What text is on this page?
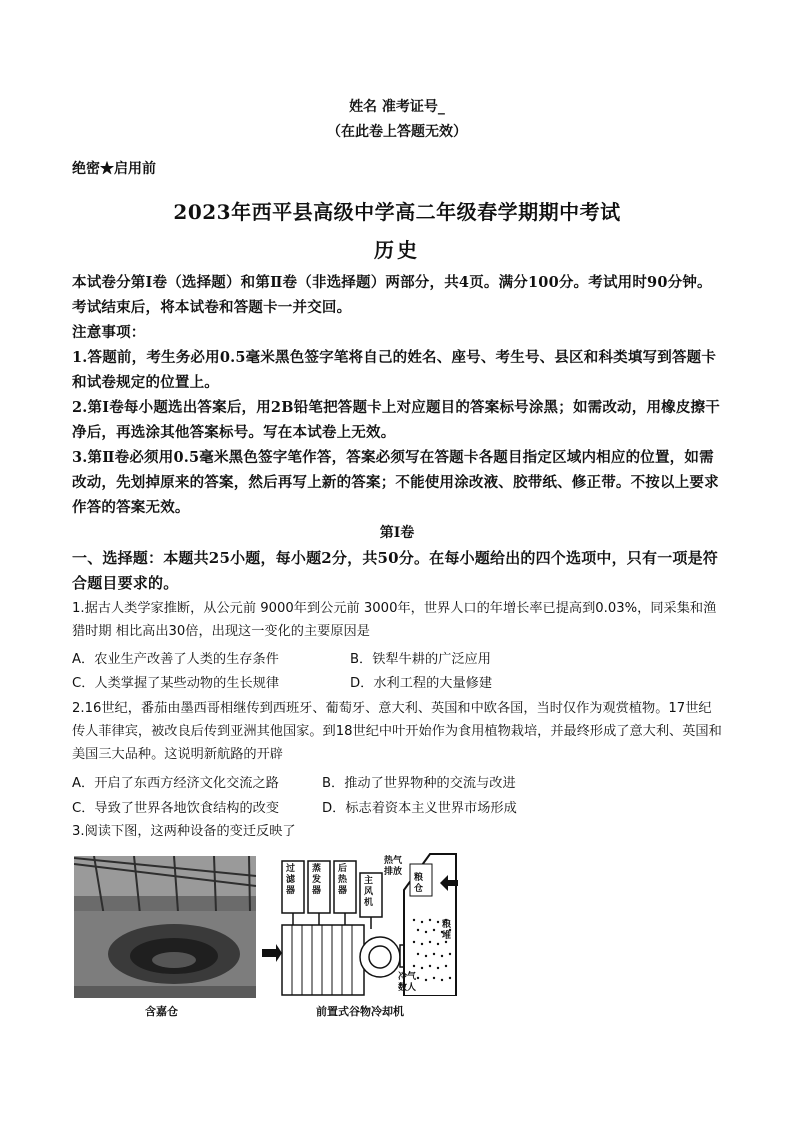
姓名 准考证号_
（在此卷上答题无效）
绝密★启用前
2023年西平县高级中学高二年级春学期期中考试
历史
本试卷分第Ⅰ卷（选择题）和第Ⅱ卷（非选择题）两部分，共4页。满分100分。考试用时90分钟。考试结束后，将本试卷和答题卡一并交回。
注意事项：
1.答题前，考生务必用0.5毫米黑色签字笔将自己的姓名、座号、考生号、县区和科类填写到答题卡和试卷规定的位置上。
2.第Ⅰ卷每小题选出答案后，用2B铅笔把答题卡上对应题目的答案标号涂黑；如需改动，用橡皮擦干净后，再选涂其他答案标号。写在本试卷上无效。
3.第Ⅱ卷必须用0.5毫米黑色签字笔作答，答案必须写在答题卡各题目指定区域内相应的位置，如需改动，先划掉原来的答案，然后再写上新的答案；不能使用涂改液、胶带纸、修正带。不按以上要求作答的答案无效。
第Ⅰ卷
一、选择题：本题共25小题，每小题2分，共50分。在每小题给出的四个选项中，只有一项是符合题目要求的。
1.据古人类学家推断，从公元前 9000年到公元前 3000年，世界人口的年增长率已提高到0.03%，同采集和渔猎时期 相比高出30倍，出现这一变化的主要原因是
A．农业生产改善了人类的生存条件	B．铁犁牛耕的广泛应用
C．人类掌握了某些动物的生长规律	D．水利工程的大量修建
2.16世纪，番茄由墨西哥相继传到西班牙、葡萄牙、意大利、英国和中欧各国，当时仅作为观赏植物。17世纪传人菲律宾，被改良后传到亚洲其他国家。到18世纪中叶开始作为食用植物栽培，并最终形成了意大利、英国和美国三大品种。这说明新航路的开辟
A．开启了东西方经济文化交流之路	B．推动了世界物种的交流与改进
C．导致了世界各地饮食结构的改变	D．标志着资本主义世界市场形成
3.阅读下图，这两种设备的变迁反映了
含嘉仓
过滤器
蒸发器
后热器
主风机
热气排放
粮仓
粮堆
冷气数人
前置式谷物冷却机
